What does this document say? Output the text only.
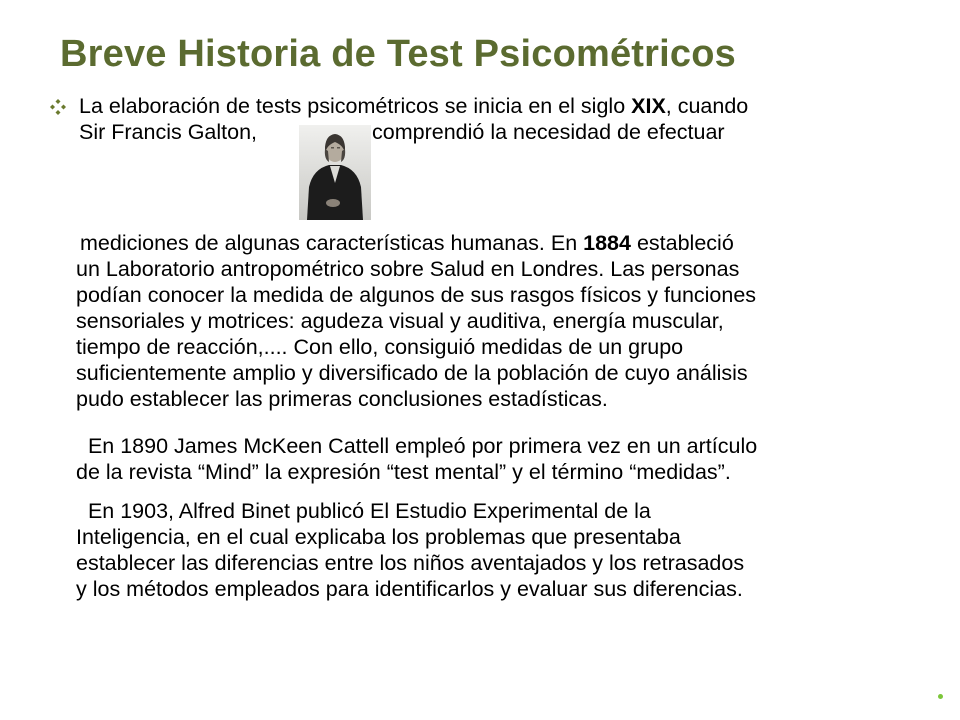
Breve Historia de Test Psicométricos
La elaboración de tests psicométricos se inicia en el siglo XIX, cuando
Sir Francis Galton,	comprendió la necesidad de efectuar
mediciones de algunas características humanas. En 1884 estableció
un Laboratorio antropométrico sobre Salud en Londres. Las personas
podían conocer la medida de algunos de sus rasgos físicos y funciones
sensoriales y motrices: agudeza visual y auditiva, energía muscular,
tiempo de reacción,.... Con ello, consiguió medidas de un grupo
suficientemente amplio y diversificado de la población de cuyo análisis
pudo establecer las primeras conclusiones estadísticas.
En 1890 James McKeen Cattell empleó por primera vez en un artículo
de la revista “Mind” la expresión “test mental” y el término “medidas”.
En 1903, Alfred Binet publicó El Estudio Experimental de la
Inteligencia, en el cual explicaba los problemas que presentaba
establecer las diferencias entre los niños aventajados y los retrasados
y los métodos empleados para identificarlos y evaluar sus diferencias.
